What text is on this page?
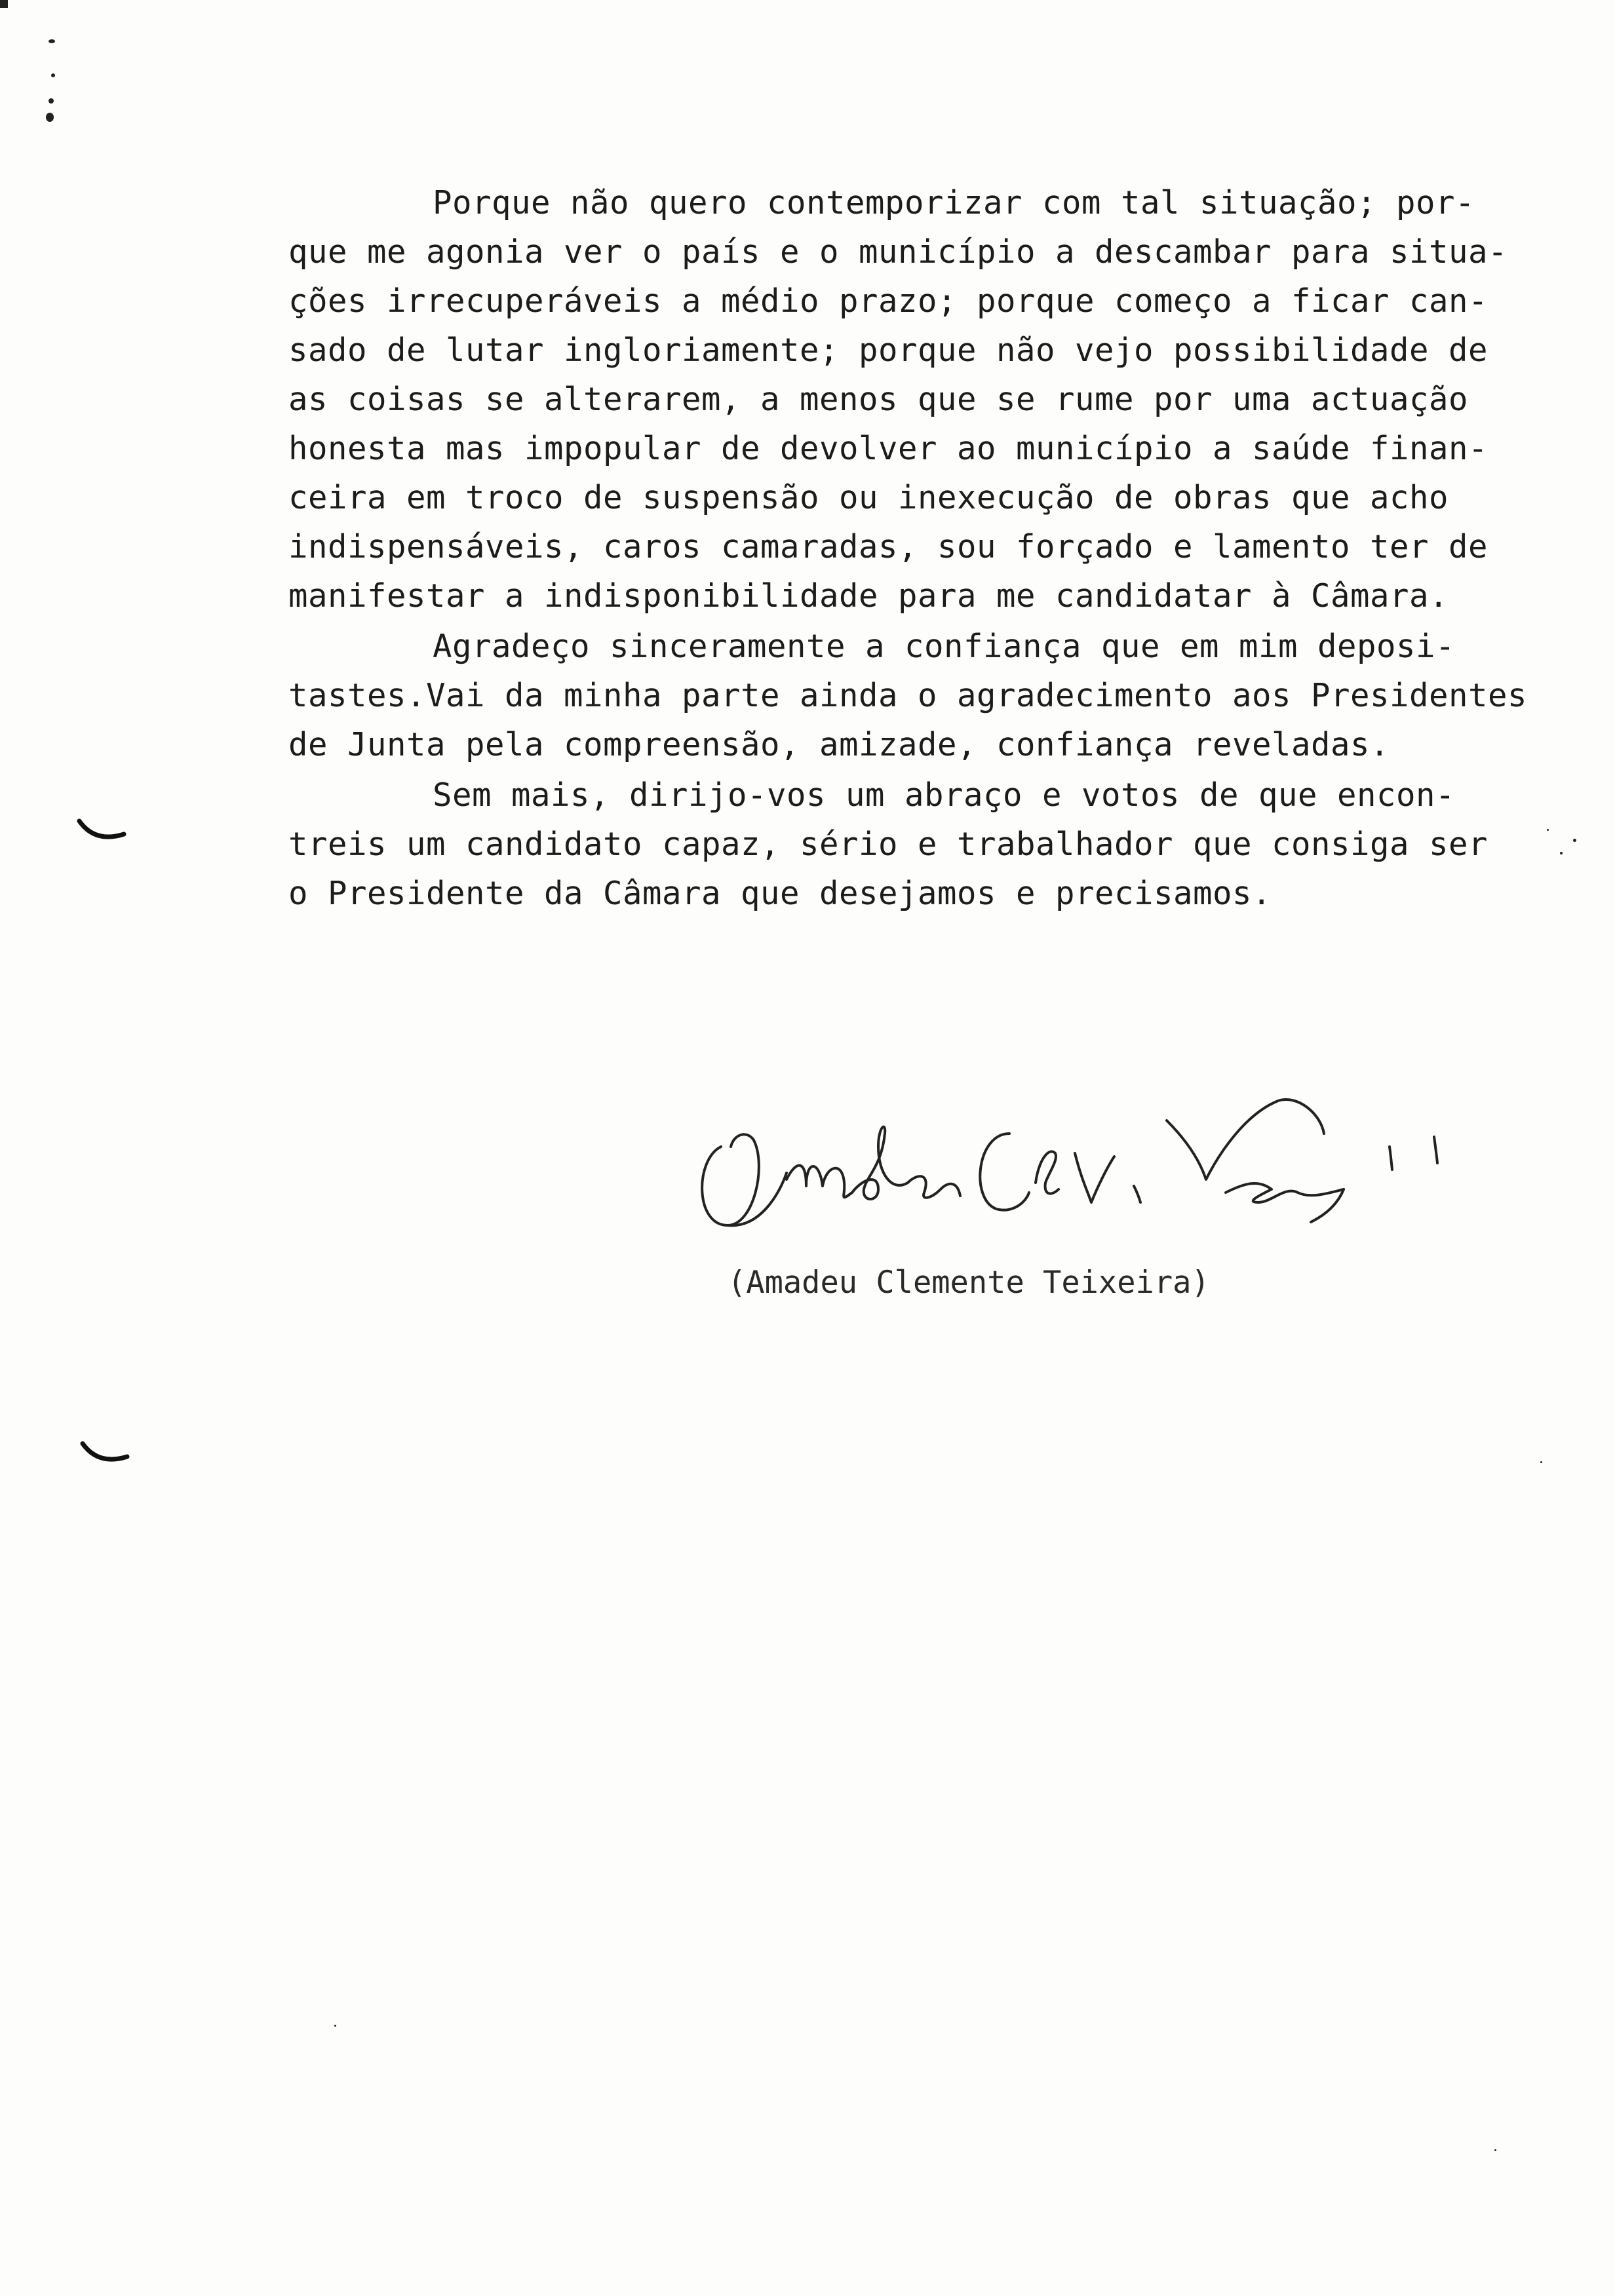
Porque não quero contemporizar com tal situação; por-
que me agonia ver o país e o município a descambar para situa-
ções irrecuperáveis a médio prazo; porque começo a ficar can-
sado de lutar ingloriamente; porque não vejo possibilidade de
as coisas se alterarem, a menos que se rume por uma actuação
honesta mas impopular de devolver ao município a saúde finan-
ceira em troco de suspensão ou inexecução de obras que acho
indispensáveis, caros camaradas, sou forçado e lamento ter de
manifestar a indisponibilidade para me candidatar à Câmara.
Agradeço sinceramente a confiança que em mim deposi-
tastes.Vai da minha parte ainda o agradecimento aos Presidentes
de Junta pela compreensão, amizade, confiança reveladas.
Sem mais, dirijo-vos um abraço e votos de que encon-
treis um candidato capaz, sério e trabalhador que consiga ser
o Presidente da Câmara que desejamos e precisamos.
(Amadeu Clemente Teixeira)
